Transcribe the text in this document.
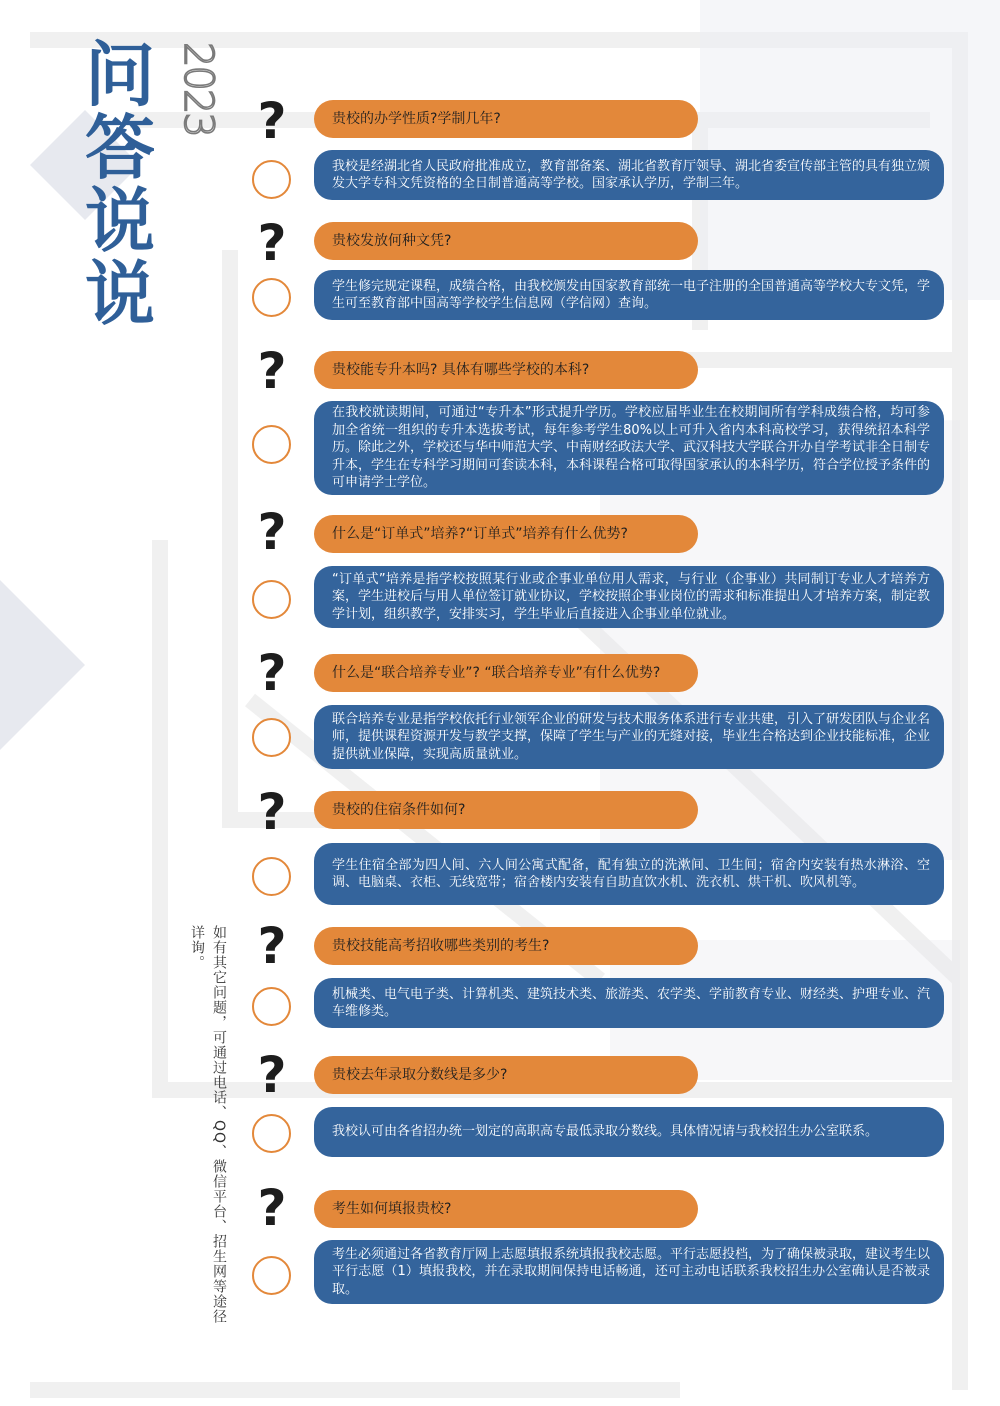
问
答
说
说
2023
如有其它问题，可通过电话、QQ、微信平台、招生网等途径详询。
?	贵校的办学性质?学制几年?
我校是经湖北省人民政府批准成立，教育部备案、湖北省教育厅领导、湖北省委宣传部主管的具有独立颁发大学专科文凭资格的全日制普通高等学校。国家承认学历，学制三年。
?	贵校发放何种文凭?
学生修完规定课程，成绩合格，由我校颁发由国家教育部统一电子注册的全国普通高等学校大专文凭，学生可至教育部中国高等学校学生信息网（学信网）查询。
?	贵校能专升本吗? 具体有哪些学校的本科?
在我校就读期间，可通过“专升本”形式提升学历。学校应届毕业生在校期间所有学科成绩合格，均可参加全省统一组织的专升本选拔考试，每年参考学生80%以上可升入省内本科高校学习，获得统招本科学历。除此之外，学校还与华中师范大学、中南财经政法大学、武汉科技大学联合开办自学考试非全日制专升本，学生在专科学习期间可套读本科，本科课程合格可取得国家承认的本科学历，符合学位授予条件的可申请学士学位。
?	什么是“订单式”培养?“订单式”培养有什么优势?
“订单式”培养是指学校按照某行业或企事业单位用人需求，与行业（企事业）共同制订专业人才培养方案，学生进校后与用人单位签订就业协议，学校按照企事业岗位的需求和标准提出人才培养方案，制定教学计划，组织教学，安排实习，学生毕业后直接进入企事业单位就业。
?	什么是“联合培养专业”? “联合培养专业”有什么优势?
联合培养专业是指学校依托行业领军企业的研发与技术服务体系进行专业共建，引入了研发团队与企业名师，提供课程资源开发与教学支撑，保障了学生与产业的无缝对接，毕业生合格达到企业技能标准，企业提供就业保障，实现高质量就业。
?	贵校的住宿条件如何?
学生住宿全部为四人间、六人间公寓式配备，配有独立的洗漱间、卫生间；宿舍内安装有热水淋浴、空调、电脑桌、衣柜、无线宽带；宿舍楼内安装有自助直饮水机、洗衣机、烘干机、吹风机等。
?	贵校技能高考招收哪些类别的考生?
机械类、电气电子类、计算机类、建筑技术类、旅游类、农学类、学前教育专业、财经类、护理专业、汽车维修类。
?	贵校去年录取分数线是多少?
我校认可由各省招办统一划定的高职高专最低录取分数线。具体情况请与我校招生办公室联系。
?	考生如何填报贵校?
考生必须通过各省教育厅网上志愿填报系统填报我校志愿。平行志愿投档，为了确保被录取，建议考生以平行志愿（1）填报我校，并在录取期间保持电话畅通，还可主动电话联系我校招生办公室确认是否被录取。
